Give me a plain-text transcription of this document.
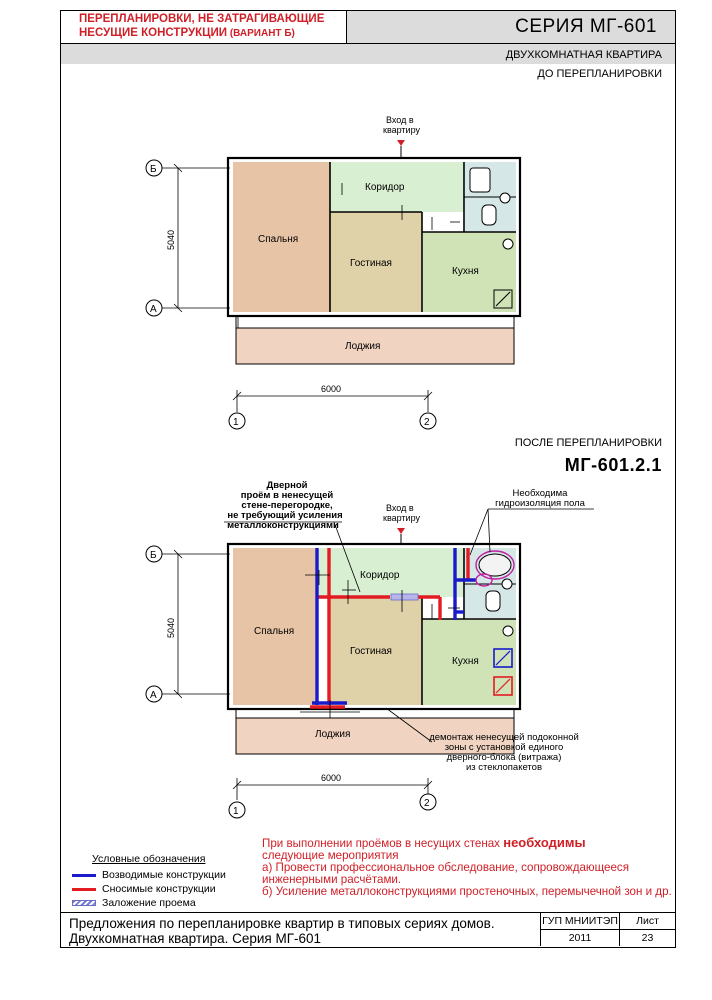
ПЕРЕПЛАНИРОВКИ, НЕ ЗАТРАГИВАЮЩИЕ
НЕСУЩИЕ КОНСТРУКЦИИ (ВАРИАНТ Б)	СЕРИЯ МГ-601
ДВУХКОМНАТНАЯ КВАРТИРА
ДО ПЕРЕПЛАНИРОВКИ
ПОСЛЕ ПЕРЕПЛАНИРОВКИ
МГ-601.2.1
Вход в
квартиру
Спальня
Коридор
Гостиная
Кухня
Лоджия
5040
6000
Б
А
1	2
Вход в
квартиру
Спальня
Коридор
Гостиная
Кухня
Лоджия
Дверной
проём в ненесущей
стене-перегородке,
не требующий усиления
металлоконструкциями
Необходима
гидроизоляция пола
демонтаж ненесущей подоконной
зоны с установкой единого
дверного-блока (витража)
из стеклопакетов
5040
6000
Б
А
1
2
Условные обозначения
Возводимые конструкции
Сносимые конструкции
Заложение проема
При выполнении проёмов в несущих стенах необходимы
следующие мероприятия
а) Провести профессиональное обследование, сопровождающееся инженерными расчётами.
б) Усиление металлоконструкциями простеночных, перемычечной зон и др.
Предложения по перепланировке квартир в типовых сериях домов.
Двухкомнатная квартира. Серия МГ-601
ГУП МНИИТЭП
2011
Лист
23
